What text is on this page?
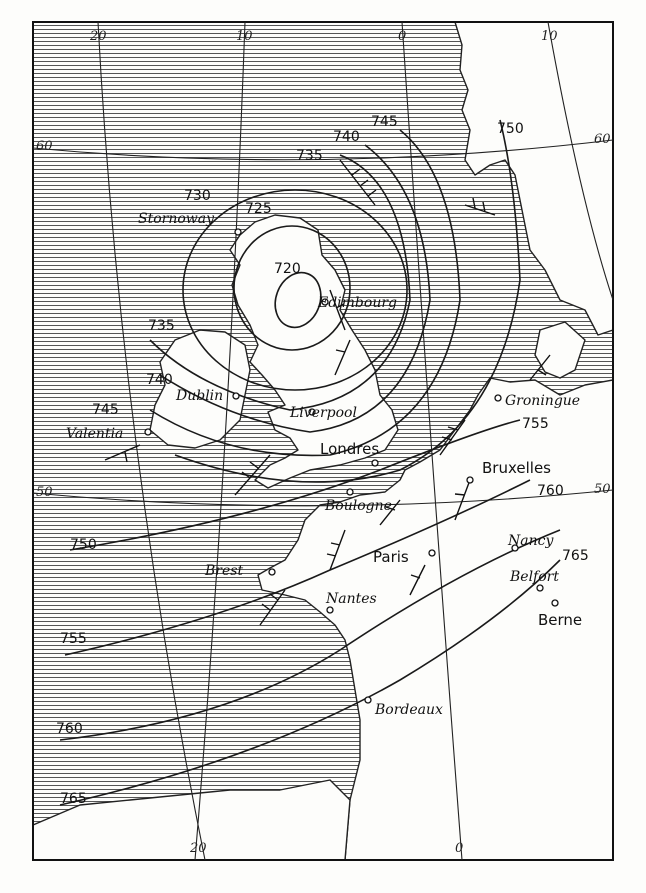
20	10	0	10
20	0
60	60
50	50
720
725
730
735
740
745	750
735
740
745
755
760
765
750
755
760
765
Stornoway
Edimbourg
Dublin
Liverpool
Valentia
Londres
Groningue
Bruxelles
Boulogne
Paris
Nancy
Belfort
Berne
Brest
Nantes
Bordeaux
